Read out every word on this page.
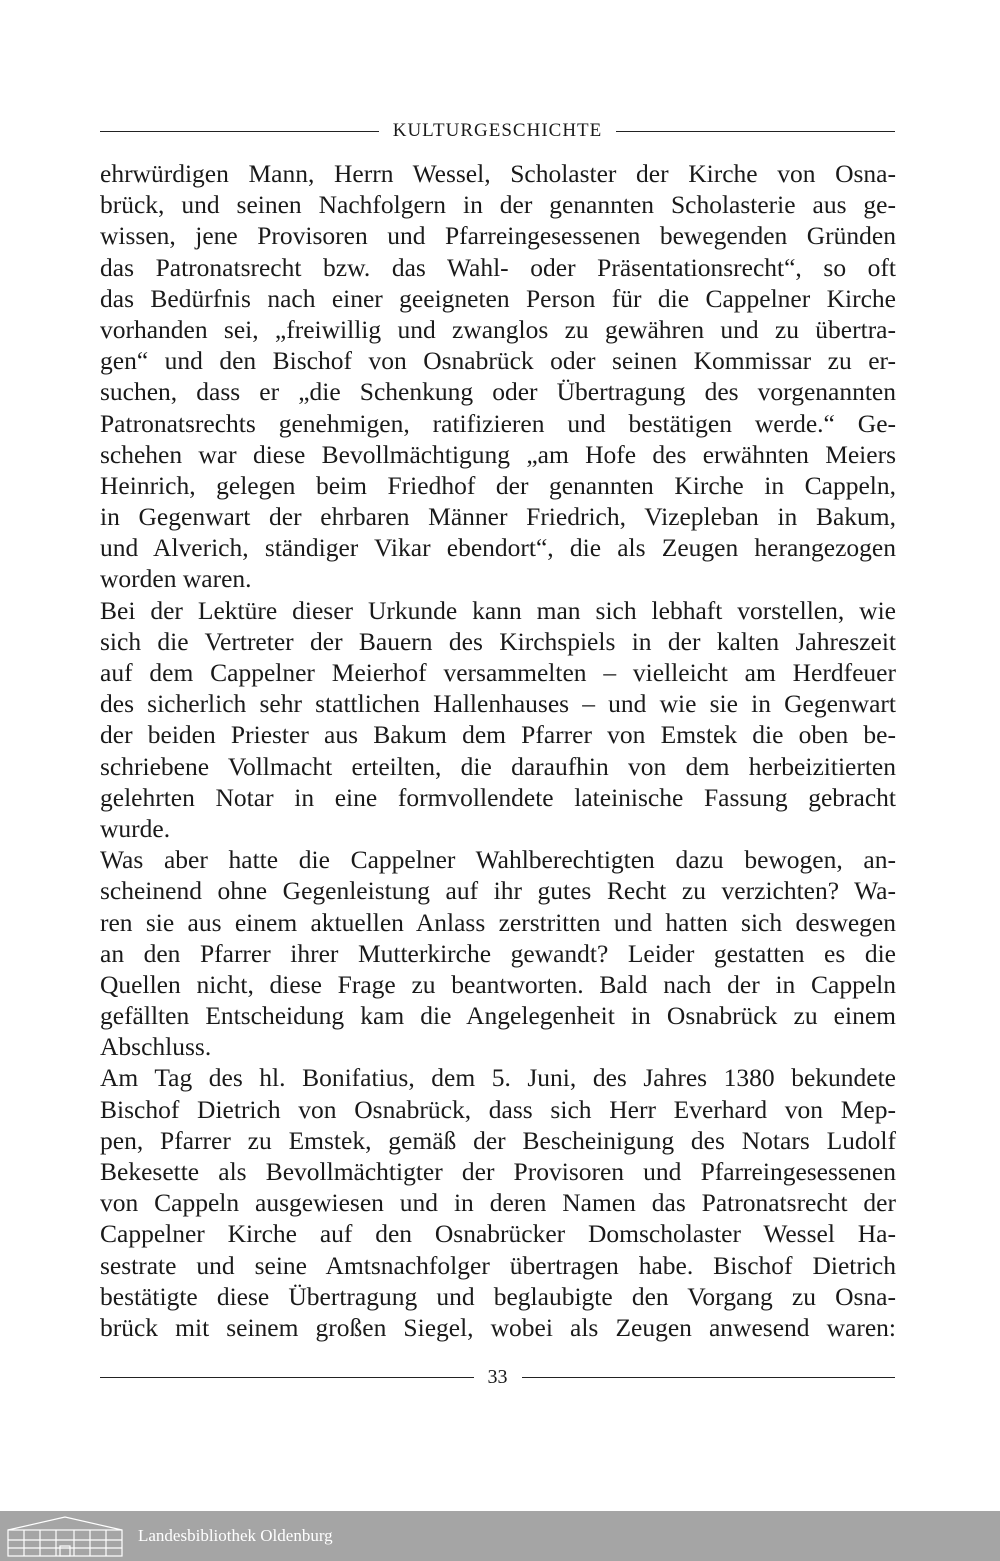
KULTURGESCHICHTE
ehrwürdigen Mann, Herrn Wessel, Scholaster der Kirche von Osna-
brück, und seinen Nachfolgern in der genannten Scholasterie aus ge-
wissen, jene Provisoren und Pfarreingesessenen bewegenden Gründen
das Patronatsrecht bzw. das Wahl- oder Präsentationsrecht“, so oft
das Bedürfnis nach einer geeigneten Person für die Cappelner Kirche
vorhanden sei, „freiwillig und zwanglos zu gewähren und zu übertra-
gen“ und den Bischof von Osnabrück oder seinen Kommissar zu er-
suchen, dass er „die Schenkung oder Übertragung des vorgenannten
Patronatsrechts genehmigen, ratifizieren und bestätigen werde.“ Ge-
schehen war diese Bevollmächtigung „am Hofe des erwähnten Meiers
Heinrich, gelegen beim Friedhof der genannten Kirche in Cappeln,
in Gegenwart der ehrbaren Männer Friedrich, Vizepleban in Bakum,
und Alverich, ständiger Vikar ebendort“, die als Zeugen herangezogen
worden waren.
Bei der Lektüre dieser Urkunde kann man sich lebhaft vorstellen, wie
sich die Vertreter der Bauern des Kirchspiels in der kalten Jahreszeit
auf dem Cappelner Meierhof versammelten – vielleicht am Herdfeuer
des sicherlich sehr stattlichen Hallenhauses – und wie sie in Gegenwart
der beiden Priester aus Bakum dem Pfarrer von Emstek die oben be-
schriebene Vollmacht erteilten, die daraufhin von dem herbeizitierten
gelehrten Notar in eine formvollendete lateinische Fassung gebracht
wurde.
Was aber hatte die Cappelner Wahlberechtigten dazu bewogen, an-
scheinend ohne Gegenleistung auf ihr gutes Recht zu verzichten? Wa-
ren sie aus einem aktuellen Anlass zerstritten und hatten sich deswegen
an den Pfarrer ihrer Mutterkirche gewandt? Leider gestatten es die
Quellen nicht, diese Frage zu beantworten. Bald nach der in Cappeln
gefällten Entscheidung kam die Angelegenheit in Osnabrück zu einem
Abschluss.
Am Tag des hl. Bonifatius, dem 5. Juni, des Jahres 1380 bekundete
Bischof Dietrich von Osnabrück, dass sich Herr Everhard von Mep-
pen, Pfarrer zu Emstek, gemäß der Bescheinigung des Notars Ludolf
Bekesette als Bevollmächtigter der Provisoren und Pfarreingesessenen
von Cappeln ausgewiesen und in deren Namen das Patronatsrecht der
Cappelner Kirche auf den Osnabrücker Domscholaster Wessel Ha-
sestrate und seine Amtsnachfolger übertragen habe. Bischof Dietrich
bestätigte diese Übertragung und beglaubigte den Vorgang zu Osna-
brück mit seinem großen Siegel, wobei als Zeugen anwesend waren:
33
Landesbibliothek Oldenburg
